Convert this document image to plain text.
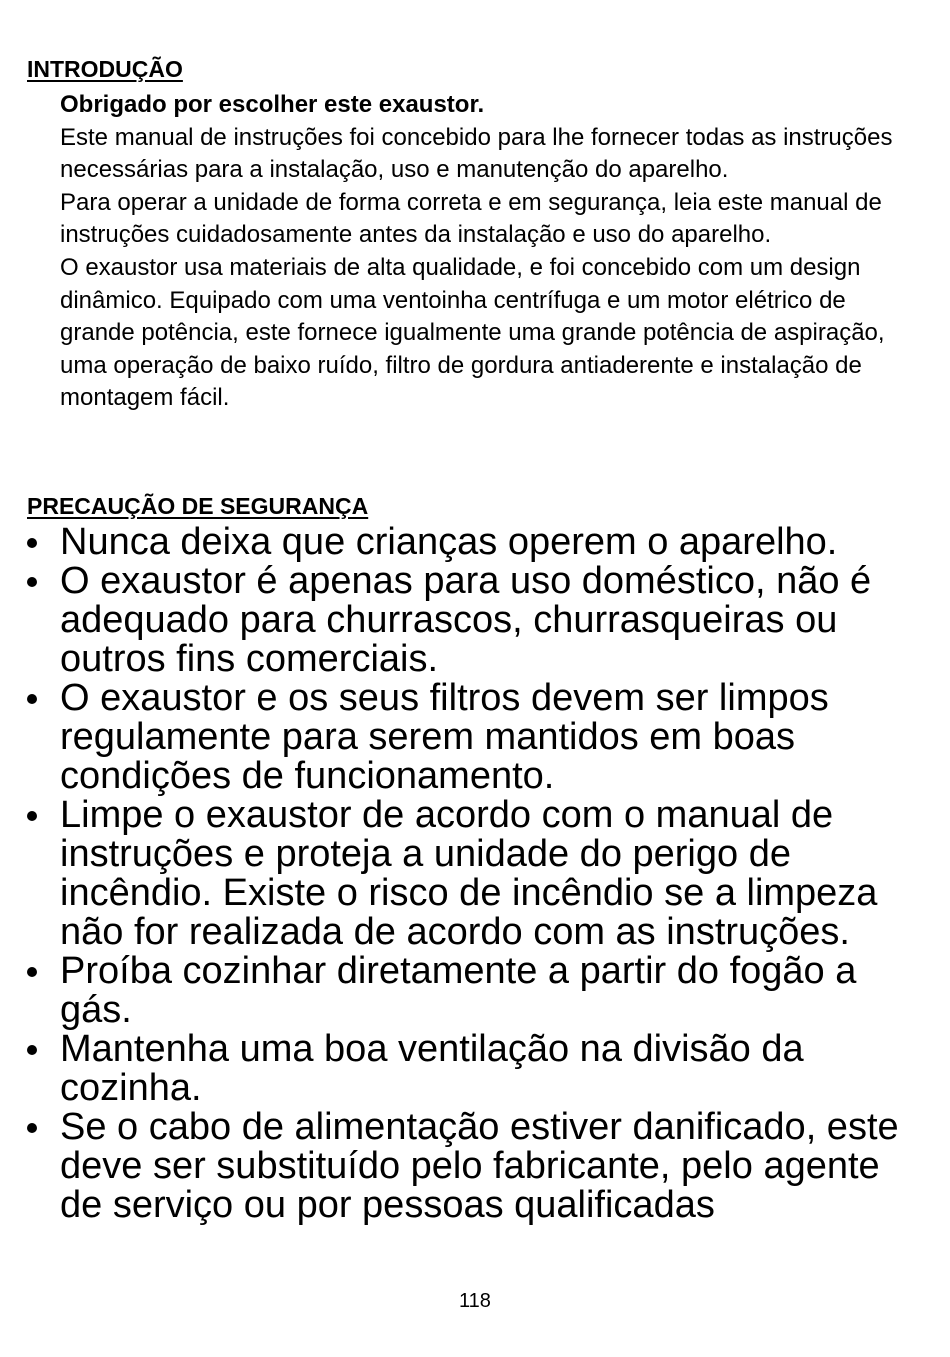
INTRODUÇÃO

Obrigado por escolher este exaustor.

Este manual de instruções foi concebido para lhe fornecer todas as instruções necessárias para a instalação, uso e manutenção do aparelho.

Para operar a unidade de forma correta e em segurança, leia este manual de instruções cuidadosamente antes da instalação e uso do aparelho.

O exaustor usa materiais de alta qualidade, e foi concebido com um design dinâmico. Equipado com uma ventoinha centrífuga e um motor elétrico de grande potência, este fornece igualmente uma grande potência de aspiração, uma operação de baixo ruído, filtro de gordura antiaderente e instalação de montagem fácil.

PRECAUÇÃO DE SEGURANÇA
Nunca deixa que crianças operem o aparelho.
O exaustor é apenas para uso doméstico, não é adequado para churrascos, churrasqueiras ou outros fins comerciais.
O exaustor e os seus filtros devem ser limpos regulamente para serem mantidos em boas condições de funcionamento.
Limpe o exaustor de acordo com o manual de instruções e proteja a unidade do perigo de incêndio. Existe o risco de incêndio se a limpeza não for realizada de acordo com as instruções.
Proíba cozinhar diretamente a partir do fogão a gás.
Mantenha uma boa ventilação na divisão da cozinha.
Se o cabo de alimentação estiver danificado, este deve ser substituído pelo fabricante, pelo agente de serviço ou por pessoas qualificadas
118
